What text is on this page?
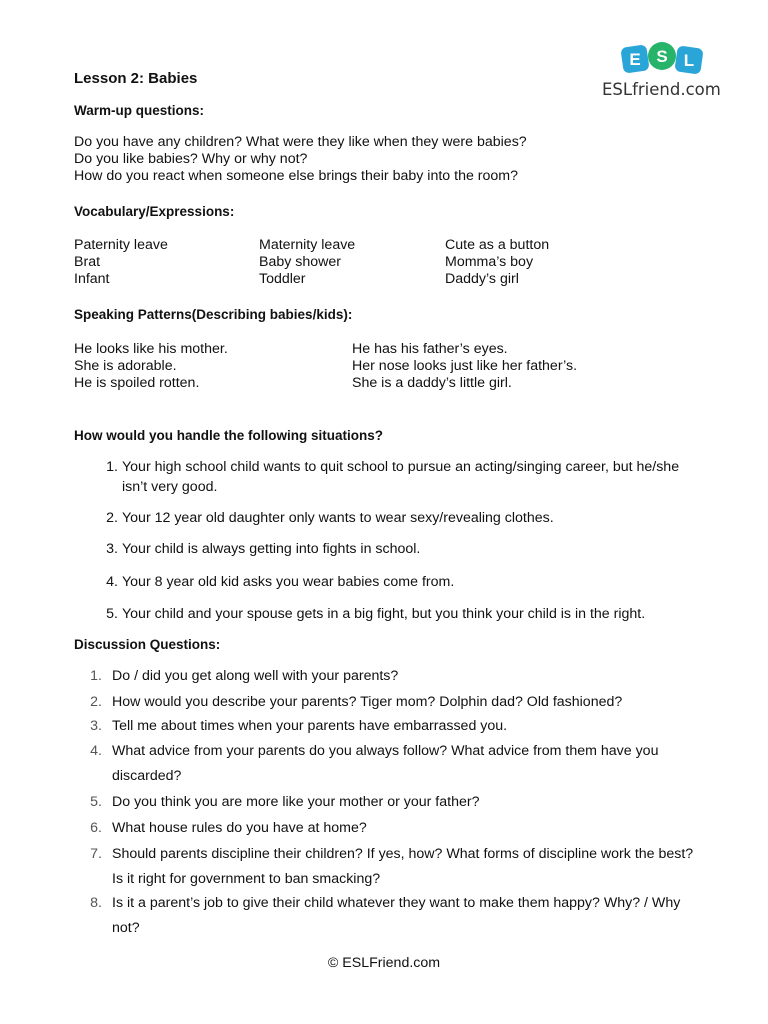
E S L
ESLfriend.com
Lesson 2: Babies
Warm-up questions:
Do you have any children? What were they like when they were babies?
Do you like babies? Why or why not?
How do you react when someone else brings their baby into the room?
Vocabulary/Expressions:
Paternity leave	Maternity leave	Cute as a button
Brat	Baby shower	Momma’s boy
Infant	Toddler	Daddy’s girl
Speaking Patterns(Describing babies/kids):
He looks like his mother.	He has his father’s eyes.
She is adorable.	Her nose looks just like her father’s.
He is spoiled rotten.	She is a daddy’s little girl.
How would you handle the following situations?
1. Your high school child wants to quit school to pursue an acting/singing career, but he/she isn’t very good.
2. Your 12 year old daughter only wants to wear sexy/revealing clothes.
3. Your child is always getting into fights in school.
4. Your 8 year old kid asks you wear babies come from.
5. Your child and your spouse gets in a big fight, but you think your child is in the right.
Discussion Questions:
1. Do / did you get along well with your parents?
2. How would you describe your parents? Tiger mom? Dolphin dad? Old fashioned?
3. Tell me about times when your parents have embarrassed you.
4. What advice from your parents do you always follow? What advice from them have you discarded?
5. Do you think you are more like your mother or your father?
6. What house rules do you have at home?
7. Should parents discipline their children? If yes, how? What forms of discipline work the best? Is it right for government to ban smacking?
8. Is it a parent’s job to give their child whatever they want to make them happy? Why? / Why not?
© ESLFriend.com
